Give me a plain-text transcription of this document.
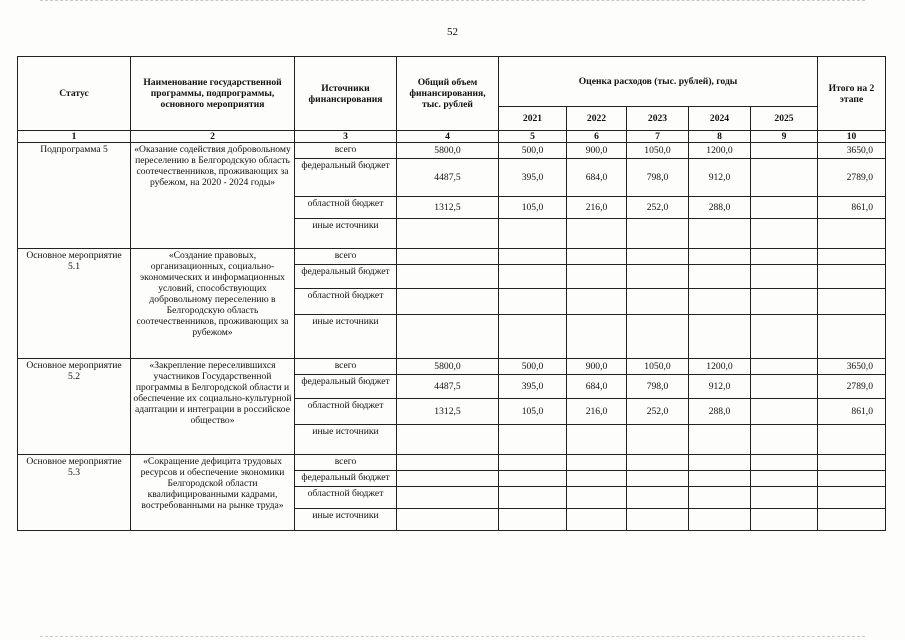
52
Статус	Наименование государственной программы, подпрограммы, основного мероприятия	Источники финансирования	Общий объем финансирования, тыс. рублей	Оценка расходов (тыс. рублей), годы					Итого на 2 этапе
				2021	2022	2023	2024	2025	
1	2	3	4	5	6	7	8	9	10
Подпрограмма 5	«Оказание содействия добровольному переселению в Белгородскую область соотечественников, проживающих за рубежом, на 2020 - 2024 годы»	всего	5800,0	500,0	900,0	1050,0	1200,0		3650,0
		федеральный бюджет	4487,5	395,0	684,0	798,0	912,0		2789,0
		областной бюджет	1312,5	105,0	216,0	252,0	288,0		861,0
		иные источники							
Основное мероприятие 5.1	«Создание правовых, организационных, социально-экономических и информационных условий, способствующих добровольному переселению в Белгородскую область соотечественников, проживающих за рубежом»	всего							
		федеральный бюджет							
		областной бюджет							
		иные источники							
Основное мероприятие 5.2	«Закрепление переселившихся участников Государственной программы в Белгородской области и обеспечение их социально-культурной адаптации и интеграции в российское общество»	всего	5800,0	500,0	900,0	1050,0	1200,0		3650,0
		федеральный бюджет	4487,5	395,0	684,0	798,0	912,0		2789,0
		областной бюджет	1312,5	105,0	216,0	252,0	288,0		861,0
		иные источники							
Основное мероприятие 5.3	«Сокращение дефицита трудовых ресурсов и обеспечение экономики Белгородской области квалифицированными кадрами, востребованными на рынке труда»	всего							
		федеральный бюджет							
		областной бюджет							
		иные источники							
